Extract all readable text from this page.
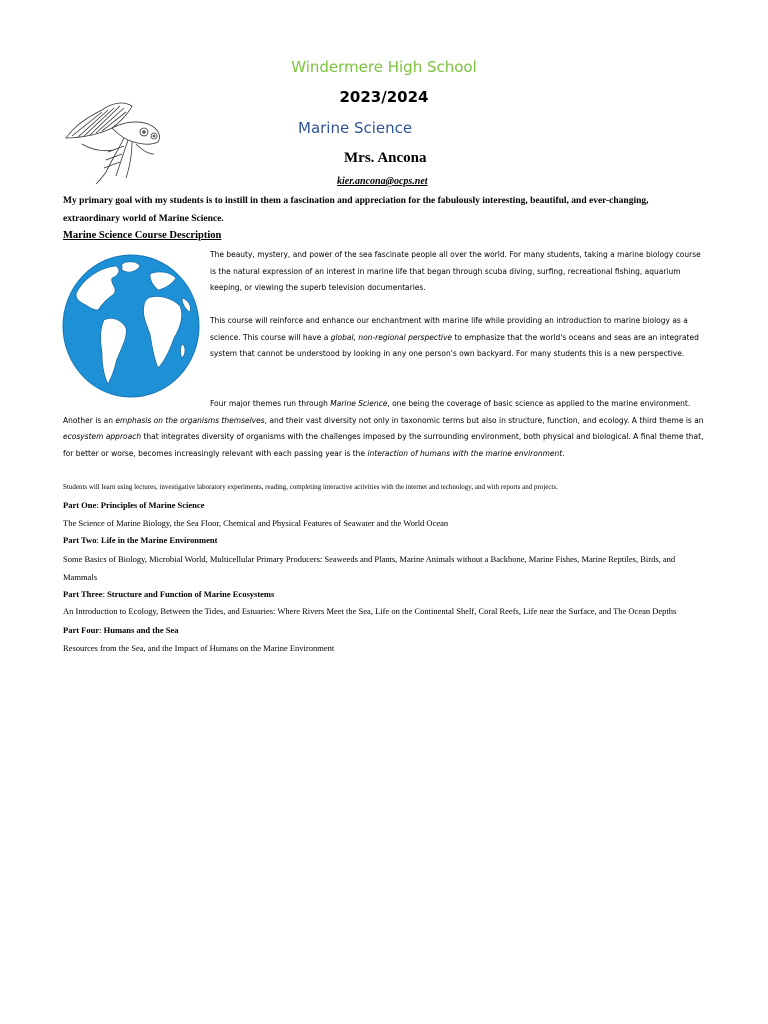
Windermere High School
2023/2024
Marine Science
Mrs. Ancona
kier.ancona@ocps.net
My primary goal with my students is to instill in them a fascination and appreciation for the fabulously interesting, beautiful, and ever-changing, extraordinary world of Marine Science.
Marine Science Course Description
The beauty, mystery, and power of the sea fascinate people all over the world. For many students, taking a marine biology course is the natural expression of an interest in marine life that began through scuba diving, surfing, recreational fishing, aquarium keeping, or viewing the superb television documentaries.
This course will reinforce and enhance our enchantment with marine life while providing an introduction to marine biology as a science. This course will have a global, non-regional perspective to emphasize that the world's oceans and seas are an integrated system that cannot be understood by looking in any one person's own backyard. For many students this is a new perspective.
Four major themes run through Marine Science, one being the coverage of basic science as applied to the marine environment. Another is an emphasis on the organisms themselves, and their vast diversity not only in taxonomic terms but also in structure, function, and ecology. A third theme is an ecosystem approach that integrates diversity of organisms with the challenges imposed by the surrounding environment, both physical and biological. A final theme that, for better or worse, becomes increasingly relevant with each passing year is the interaction of humans with the marine environment.
Students will learn using lectures, investigative laboratory experiments, reading, completing interactive activities with the internet and technology, and with reports and projects.
Part One: Principles of Marine Science
The Science of Marine Biology, the Sea Floor, Chemical and Physical Features of Seawater and the World Ocean
Part Two: Life in the Marine Environment
Some Basics of Biology, Microbial World, Multicellular Primary Producers: Seaweeds and Plants, Marine Animals without a Backbone, Marine Fishes, Marine Reptiles, Birds, and Mammals
Part Three: Structure and Function of Marine Ecosystems
An Introduction to Ecology, Between the Tides, and Estuaries: Where Rivers Meet the Sea, Life on the Continental Shelf, Coral Reefs, Life near the Surface, and The Ocean Depths
Part Four: Humans and the Sea
Resources from the Sea, and the Impact of Humans on the Marine Environment
